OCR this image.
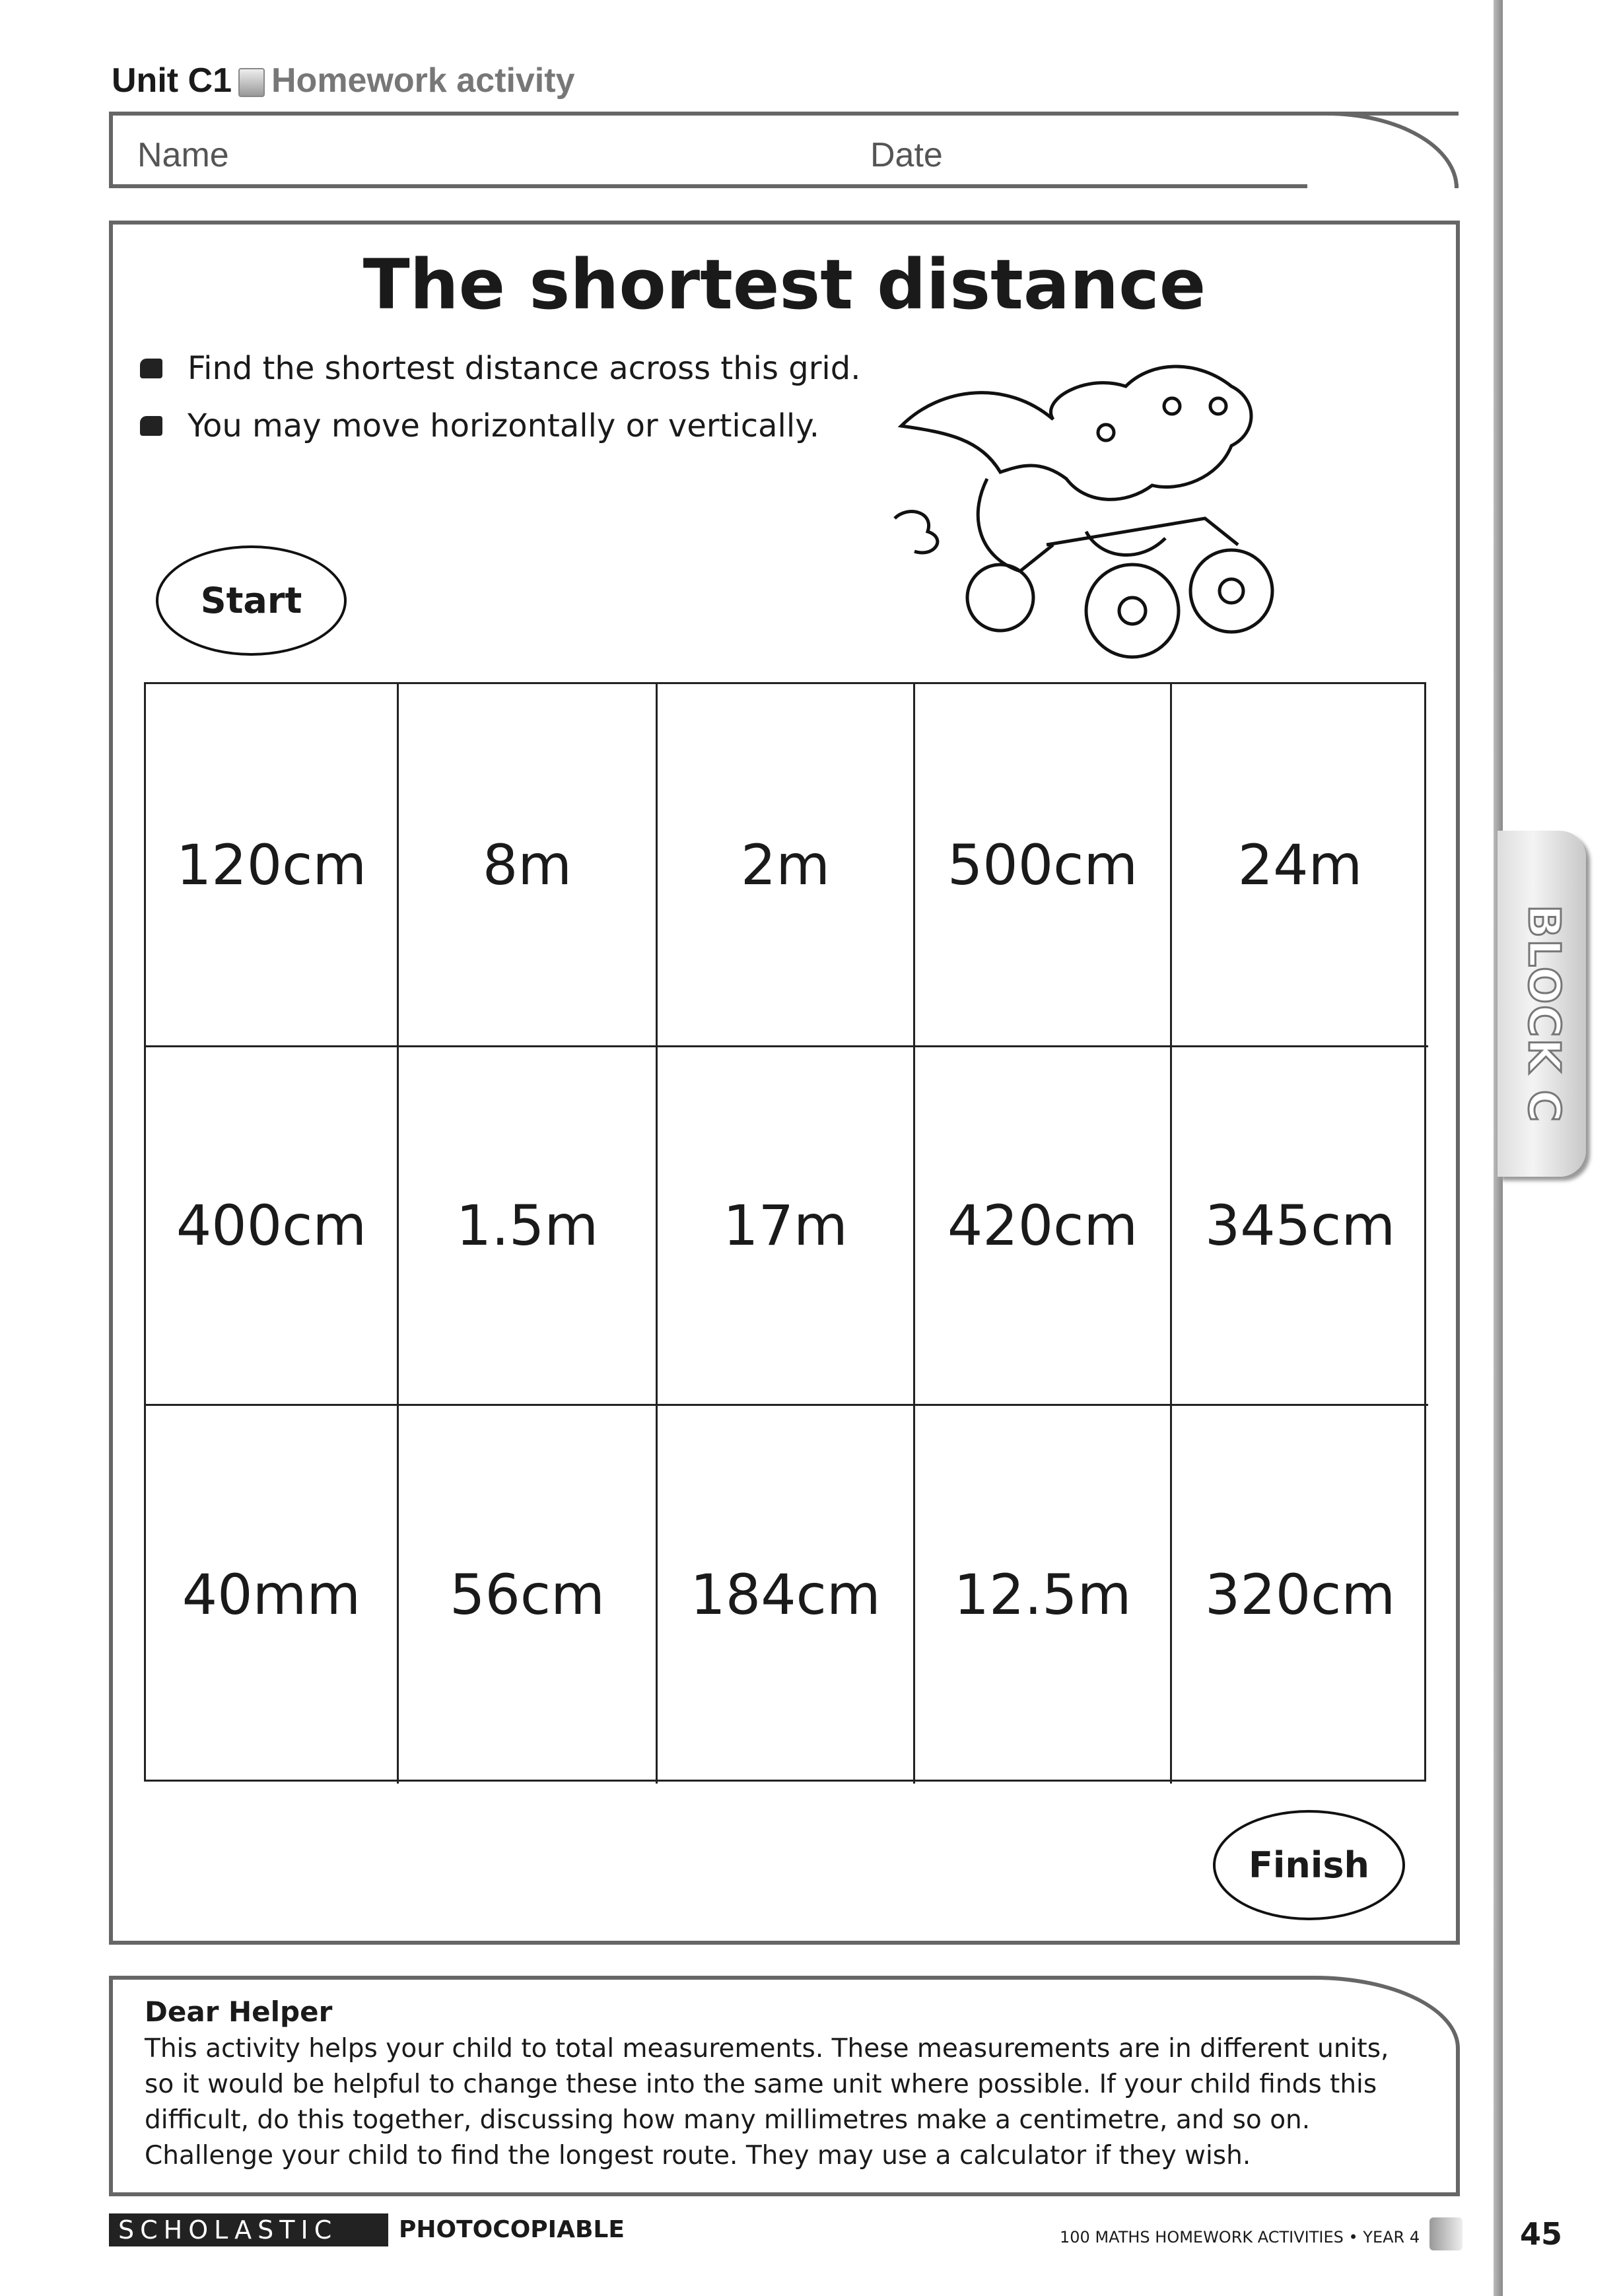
BLOCK C
Unit C1 Homework activity
Name	Date
The shortest distance
Find the shortest distance across this grid.
You may move horizontally or vertically.
Start
120cm	8m	2m	500cm	24m
400cm	1.5m	17m	420cm	345cm
40mm	56cm	184cm	12.5m	320cm
Finish
Dear Helper
This activity helps your child to total measurements. These measurements are in different units, so it would be helpful to change these into the same unit where possible. If your child finds this difficult, do this together, discussing how many millimetres make a centimetre, and so on. Challenge your child to find the longest route. They may use a calculator if they wish.
SCHOLASTIC	PHOTOCOPIABLE	100 MATHS HOMEWORK ACTIVITIES • YEAR 4	45
